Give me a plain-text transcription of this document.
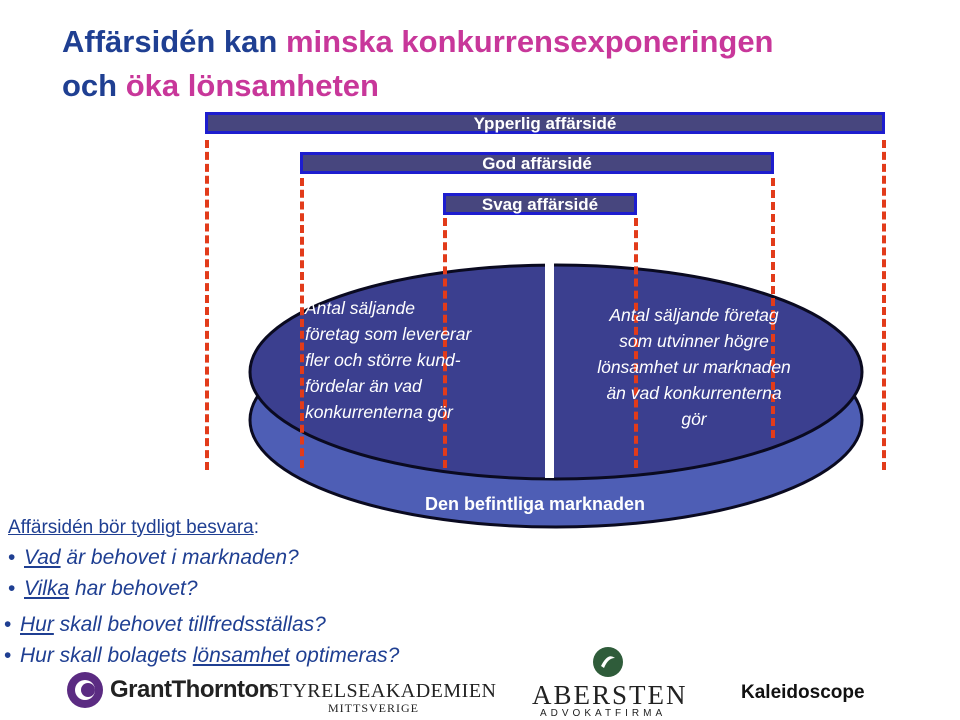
Affärsidén kan minska konkurrensexponeringen
och öka lönsamheten
Ypperlig affärsidé
God affärsidé
Svag affärsidé
Antal säljande
företag som levererar
fler och större kund-
fördelar än vad
konkurrenterna gör
Antal säljande företag
som utvinner högre
lönsamhet ur marknaden
än vad konkurrenterna
gör
Den befintliga marknaden
Affärsidén bör tydligt besvara:
• Vad är behovet i marknaden?
• Vilka har behovet?
• Hur skall behovet tillfredsställas?
• Hur skall bolagets lönsamhet optimeras?
GrantThornton
STYRELSEAKADEMIEN
MITTSVERIGE	ABERSTEN
ADVOKATFIRMA
Kaleidoscope
